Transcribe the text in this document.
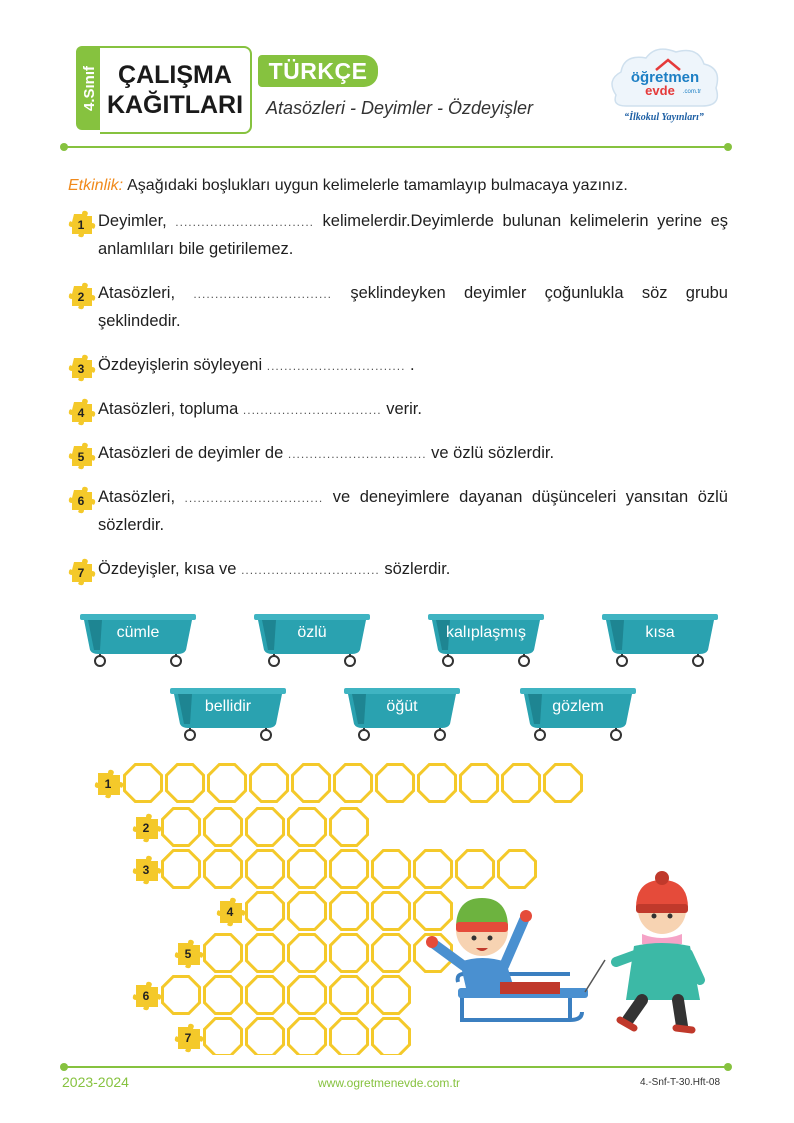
4.Sınıf ÇALIŞMA
KAĞITLARI
TÜRKÇE
Atasözleri - Deyimler - Özdeyişler
öğretmen
evde .com.tr
“İlkokul Yayınları”
Etkinlik: Aşağıdaki boşlukları uygun kelimelerle tamamlayıp bulmacaya yazınız.
1 Deyimler, ................................ kelimelerdir.Deyimlerde bulunan kelimelerin yerine eş anlamlıları bile getirilemez.
2 Atasözleri, ................................ şeklindeyken deyimler çoğunlukla söz grubu şeklindedir.
3 Özdeyişlerin söyleyeni ................................ .
4 Atasözleri, topluma ................................ verir.
5 Atasözleri de deyimler de ................................ ve özlü sözlerdir.
6 Atasözleri, ................................ ve deneyimlere dayanan düşünceleri yansıtan özlü sözlerdir.
7 Özdeyişler, kısa ve ................................ sözlerdir.
cümle	özlü	kalıplaşmış	kısa
bellidir	öğüt	gözlem
1
2
3
4
5
6
7
2023-2024	www.ogretmenevde.com.tr	4.-Snf-T-30.Hft-08
